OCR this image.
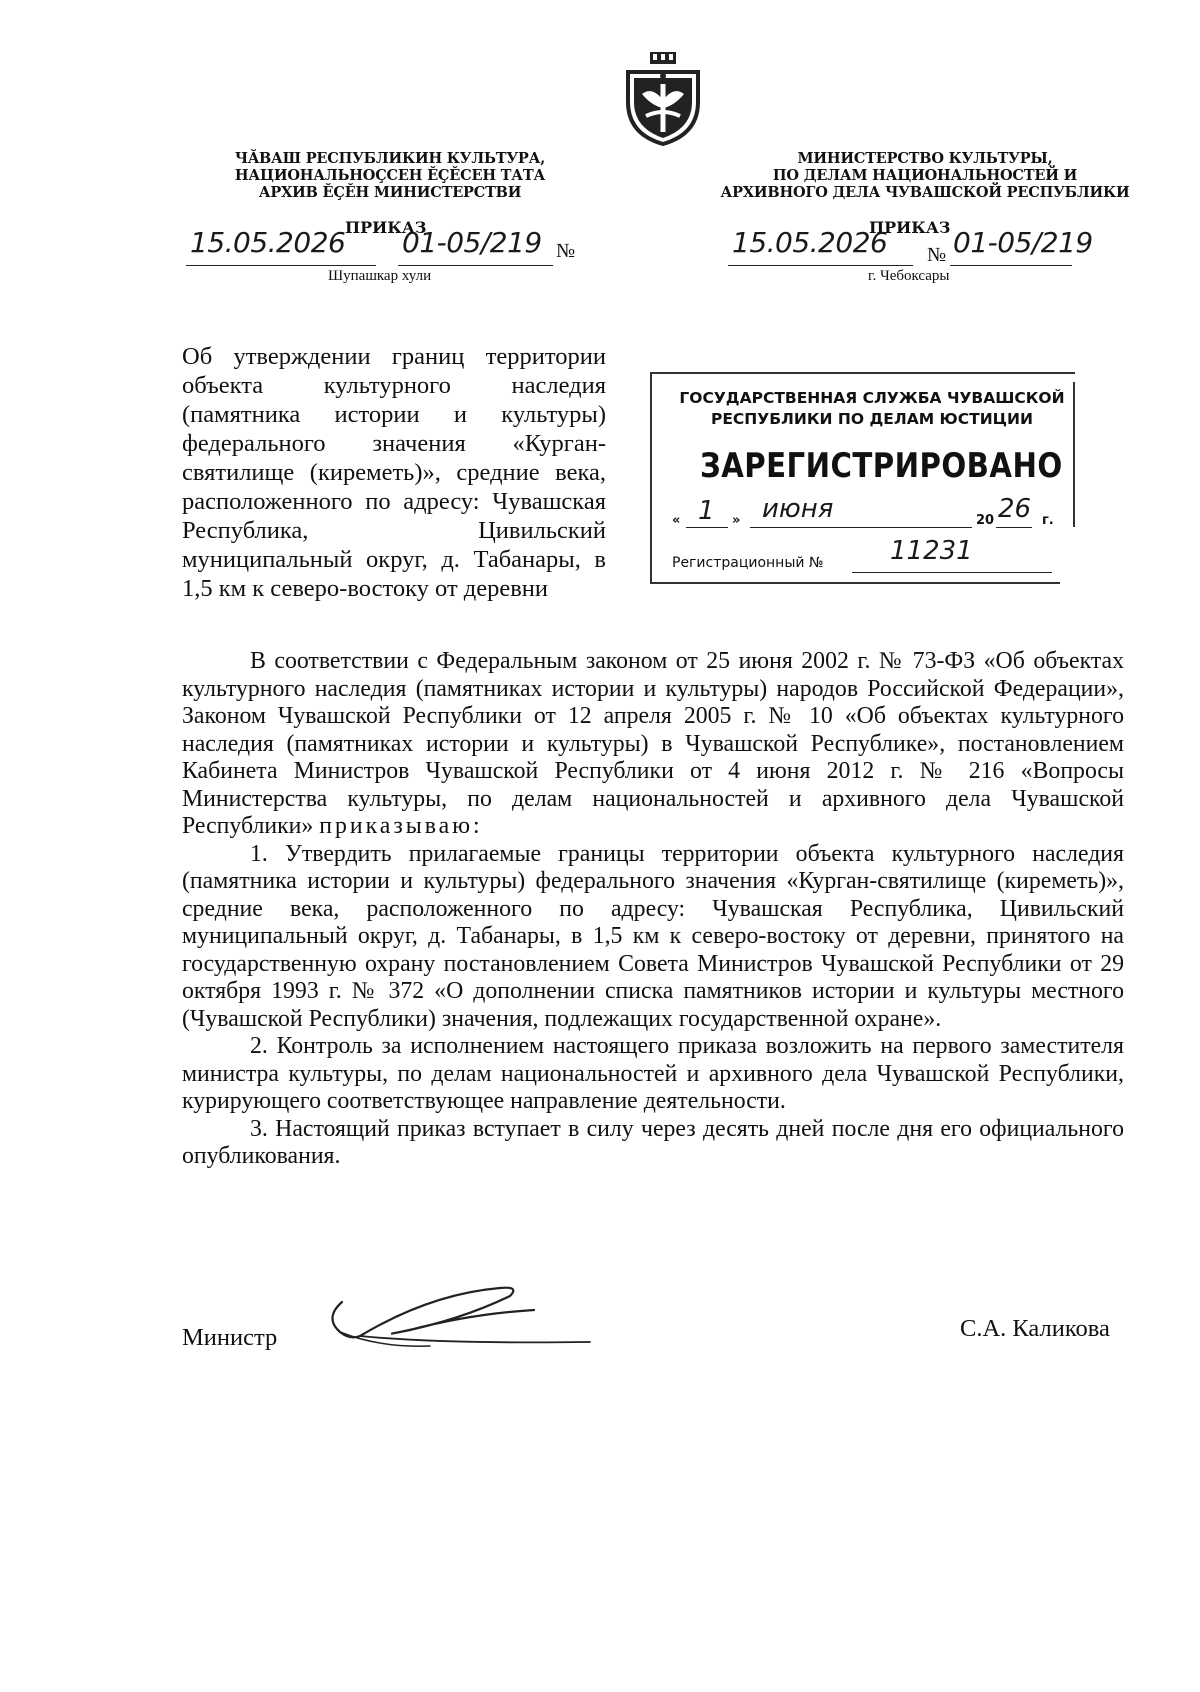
ЧĂВАШ РЕСПУБЛИКИН КУЛЬТУРА,
НАЦИОНАЛЬНОÇСЕН ĔÇĔСЕН ТАТА
АРХИВ ĔÇĔН МИНИСТЕРСТВИ
МИНИСТЕРСТВО КУЛЬТУРЫ,
ПО ДЕЛАМ НАЦИОНАЛЬНОСТЕЙ И
АРХИВНОГО ДЕЛА ЧУВАШСКОЙ РЕСПУБЛИКИ
ПРИКАЗ
15.05.2026 01-05/219 №
Шупашкар хули
ПРИКАЗ
15.05.2026 № 01-05/219
г. Чебоксары
Об утверждении границ территории объекта культурного наследия (памятника истории и культуры) федерального значения «Курган-святилище (киреметь)», средние века, расположенного по адресу: Чувашская Республика, Цивильский муниципальный округ, д. Табанары, в 1,5 км к северо-востоку от деревни
ГОСУДАРСТВЕННАЯ СЛУЖБА ЧУВАШСКОЙ
РЕСПУБЛИКИ ПО ДЕЛАМ ЮСТИЦИИ
ЗАРЕГИСТРИРОВАНО
« 1 » июня	20 26 г.
Регистрационный №	11231

В соответствии с Федеральным законом от 25 июня 2002 г. № 73-ФЗ «Об объектах культурного наследия (памятниках истории и культуры) народов Российской Федерации», Законом Чувашской Республики от 12 апреля 2005 г. № 10 «Об объектах культурного наследия (памятниках истории и культуры) в Чувашской Республике», постановлением Кабинета Министров Чувашской Республики от 4 июня 2012 г. № 216 «Вопросы Министерства культуры, по делам национальностей и архивного дела Чувашской Республики» приказываю:

1. Утвердить прилагаемые границы территории объекта культурного наследия (памятника истории и культуры) федерального значения «Курган-святилище (киреметь)», средние века, расположенного по адресу: Чувашская Республика, Цивильский муниципальный округ, д. Табанары, в 1,5 км к северо-востоку от деревни, принятого на государственную охрану постановлением Совета Министров Чувашской Республики от 29 октября 1993 г. № 372 «О дополнении списка памятников истории и культуры местного (Чувашской Республики) значения, подлежащих государственной охране».

2. Контроль за исполнением настоящего приказа возложить на первого заместителя министра культуры, по делам национальностей и архивного дела Чувашской Республики, курирующего соответствующее направление деятельности.

3. Настоящий приказ вступает в силу через десять дней после дня его официального опубликования.

Министр	С.А. Каликова
